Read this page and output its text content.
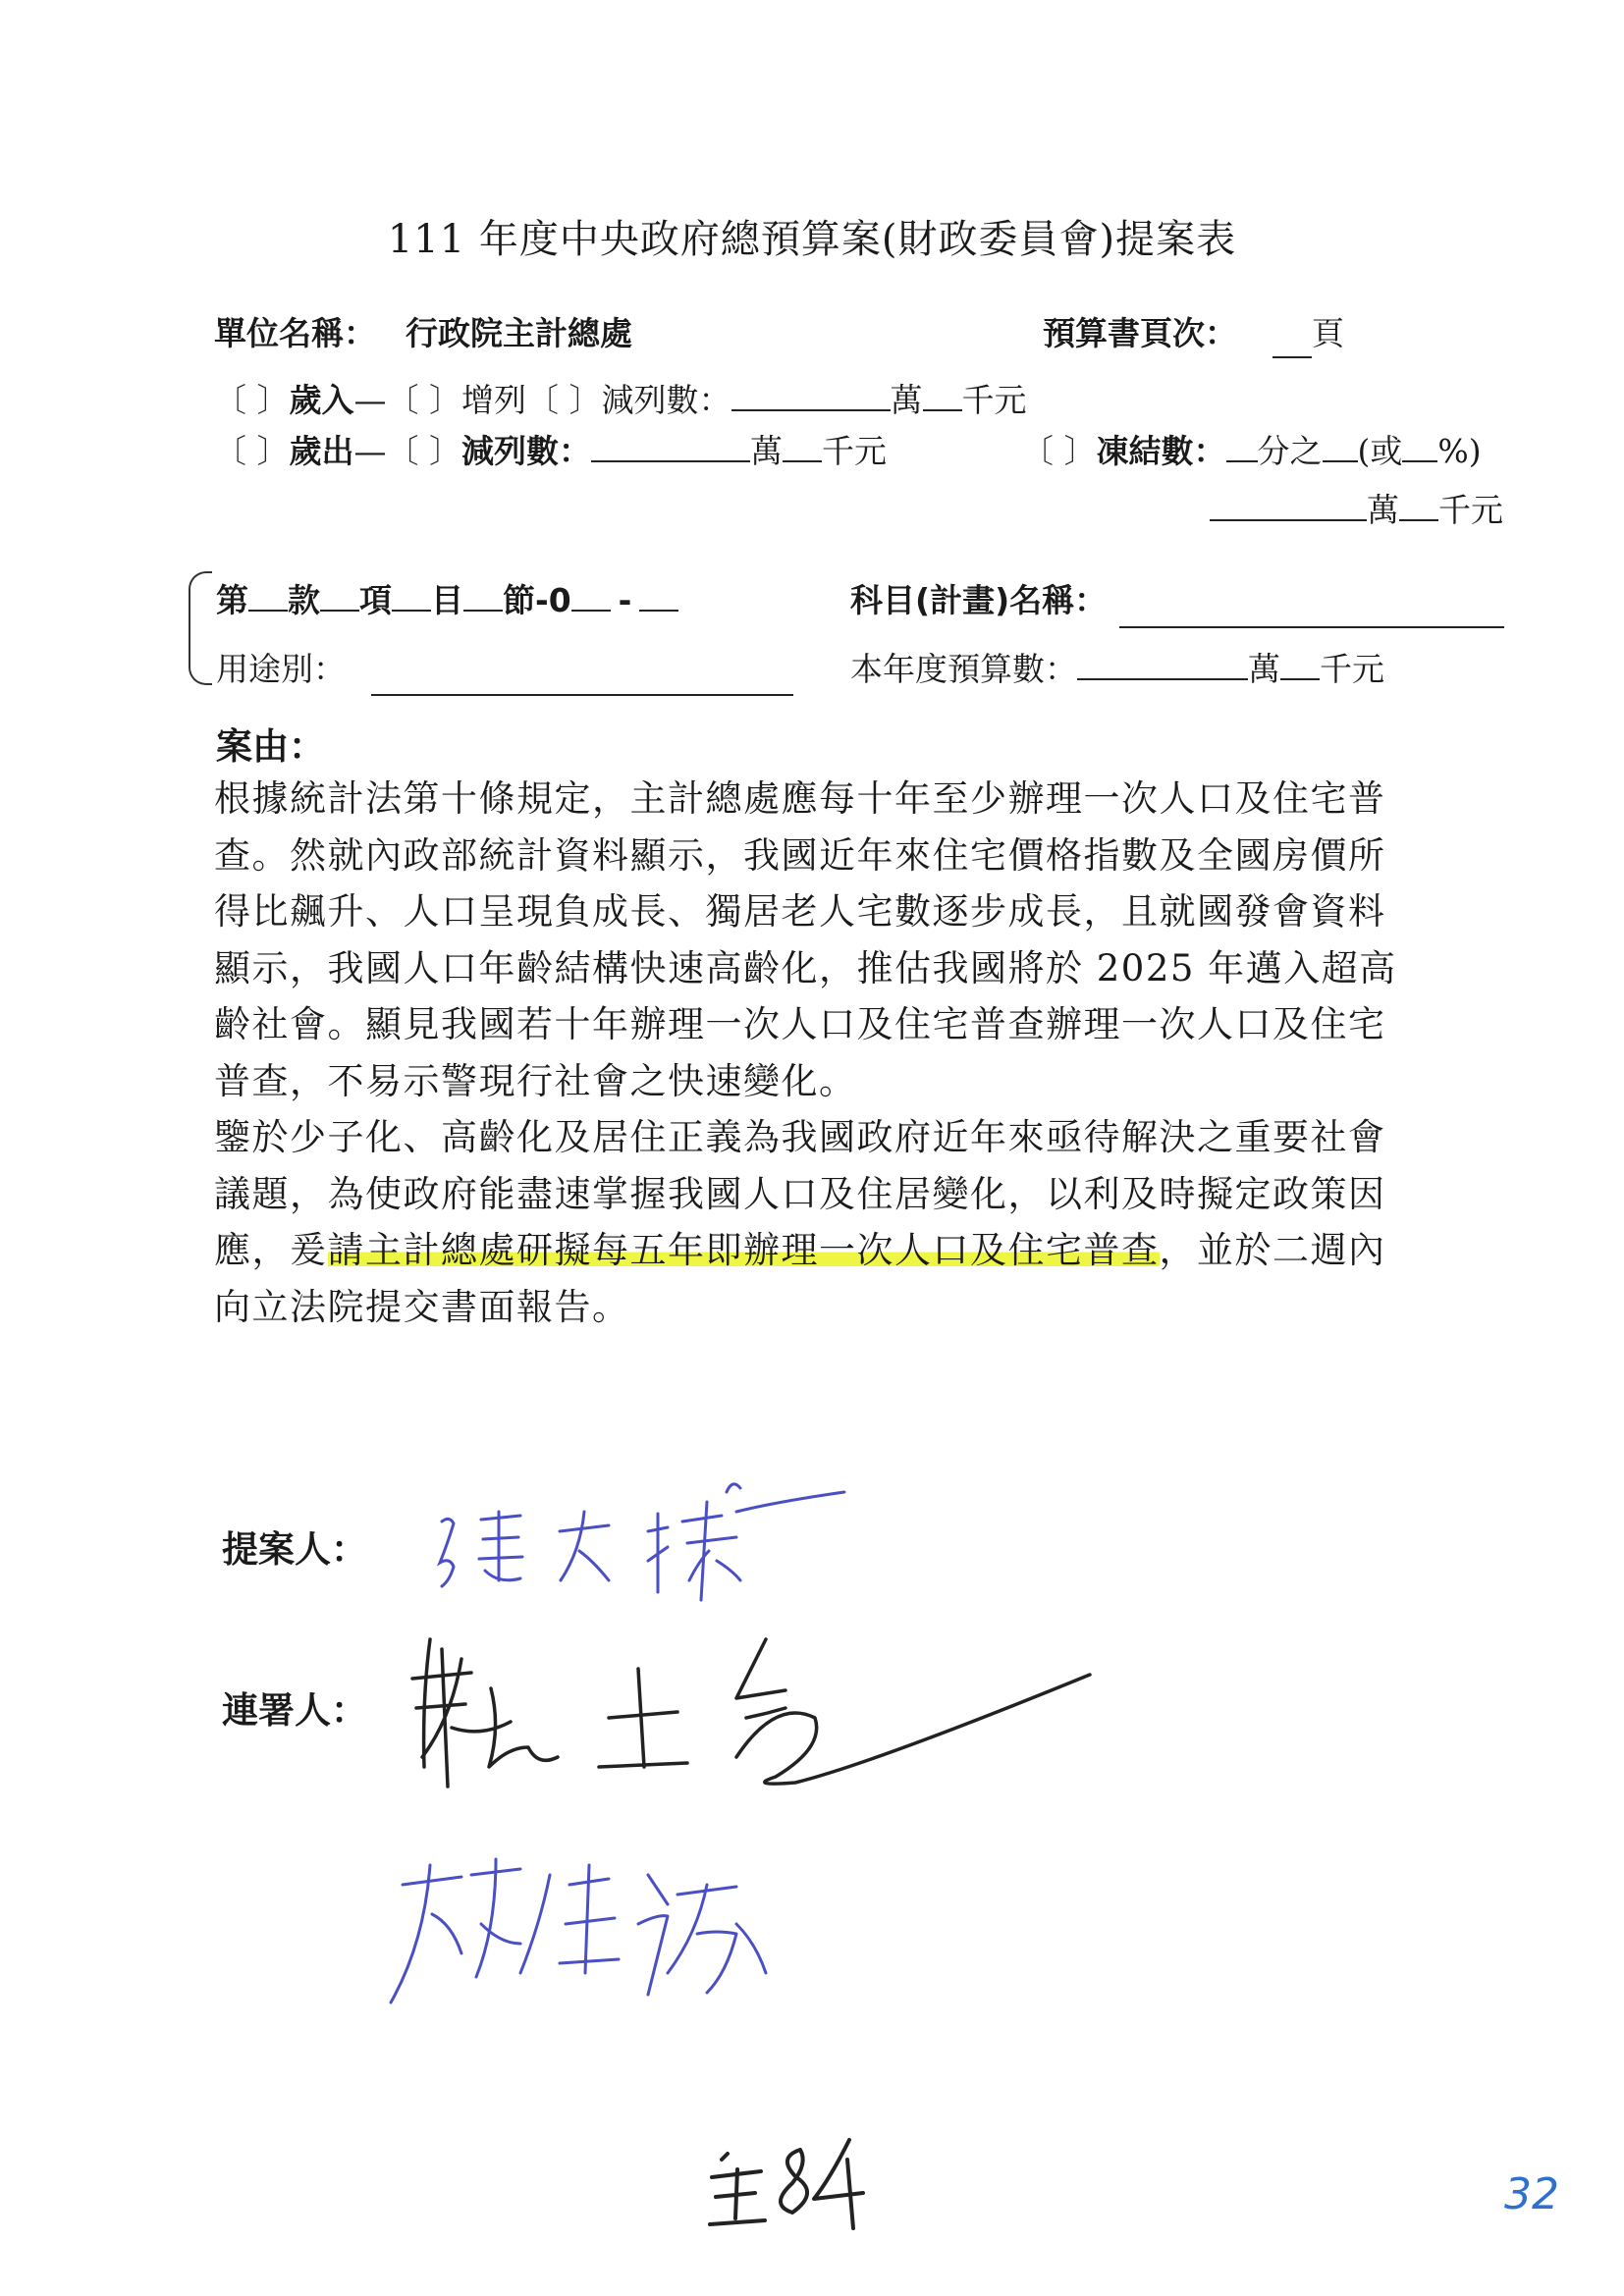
111 年度中央政府總預算案(財政委員會)提案表
單位名稱： 行政院主計總處	預算書頁次： 頁
〔 〕歲入—〔 〕增列〔 〕減列數：	萬 千元
〔 〕歲出—〔 〕減列數：	萬 千元	〔 〕凍結數： 分之 (或 %)
萬 千元
第 款 項 目 節-0 -	科目(計畫)名稱：
用途別：	本年度預算數：	萬 千元
案由：

根據統計法第十條規定，主計總處應每十年至少辦理一次人口及住宅普查。然就內政部統計資料顯示，我國近年來住宅價格指數及全國房價所得比飆升、人口呈現負成長、獨居老人宅數逐步成長，且就國發會資料顯示，我國人口年齡結構快速高齡化，推估我國將於 2025 年邁入超高齡社會。顯見我國若十年辦理一次人口及住宅普查辦理一次人口及住宅普查，不易示警現行社會之快速變化。

鑒於少子化、高齡化及居住正義為我國政府近年來亟待解決之重要社會議題，為使政府能盡速掌握我國人口及住居變化，以利及時擬定政策因應，爰請主計總處研擬每五年即辦理一次人口及住宅普查，並於二週內向立法院提交書面報告。

提案人：
連署人：
32
